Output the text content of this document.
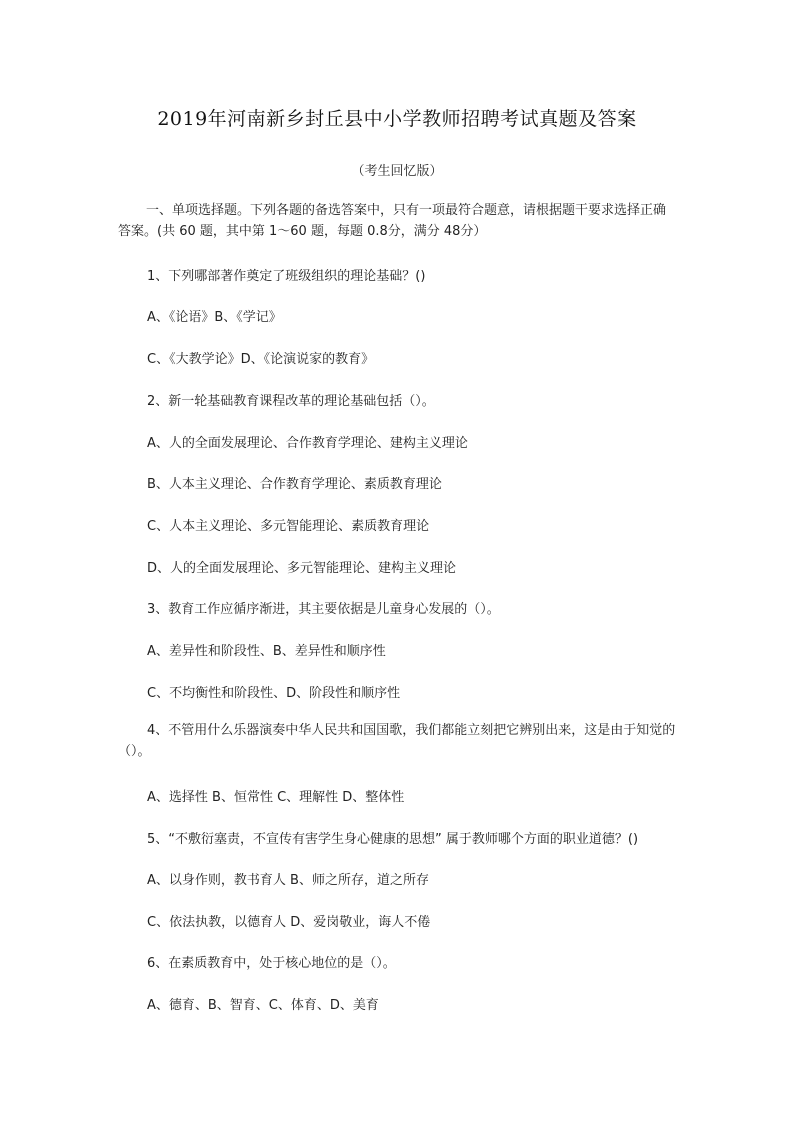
2019年河南新乡封丘县中小学教师招聘考试真题及答案
（考生回忆版）
一、单项选择题。下列各题的备选答案中，只有一项最符合题意，请根据题干要求选择正确答案。(共 60 题，其中第 1～60 题，每题 0.8分，满分 48分）
1、下列哪部著作奠定了班级组织的理论基础？()
A、《论语》B、《学记》
C、《大教学论》D、《论演说家的教育》
2、新一轮基础教育课程改革的理论基础包括（）。
A、人的全面发展理论、合作教育学理论、建构主义理论
B、人本主义理论、合作教育学理论、素质教育理论
C、人本主义理论、多元智能理论、素质教育理论
D、人的全面发展理论、多元智能理论、建构主义理论
3、教育工作应循序渐进，其主要依据是儿童身心发展的（）。
A、差异性和阶段性、B、差异性和顺序性
C、不均衡性和阶段性、D、阶段性和顺序性
4、不管用什么乐器演奏中华人民共和国国歌，我们都能立刻把它辨别出来，这是由于知觉的（）。
A、选择性 B、恒常性 C、理解性 D、整体性
5、“不敷衍塞责，不宣传有害学生身心健康的思想” 属于教师哪个方面的职业道德？()
A、以身作则，教书育人 B、师之所存，道之所存
C、依法执教，以德育人 D、爱岗敬业，诲人不倦
6、在素质教育中，处于核心地位的是（）。
A、德育、B、智育、C、体育、D、美育
